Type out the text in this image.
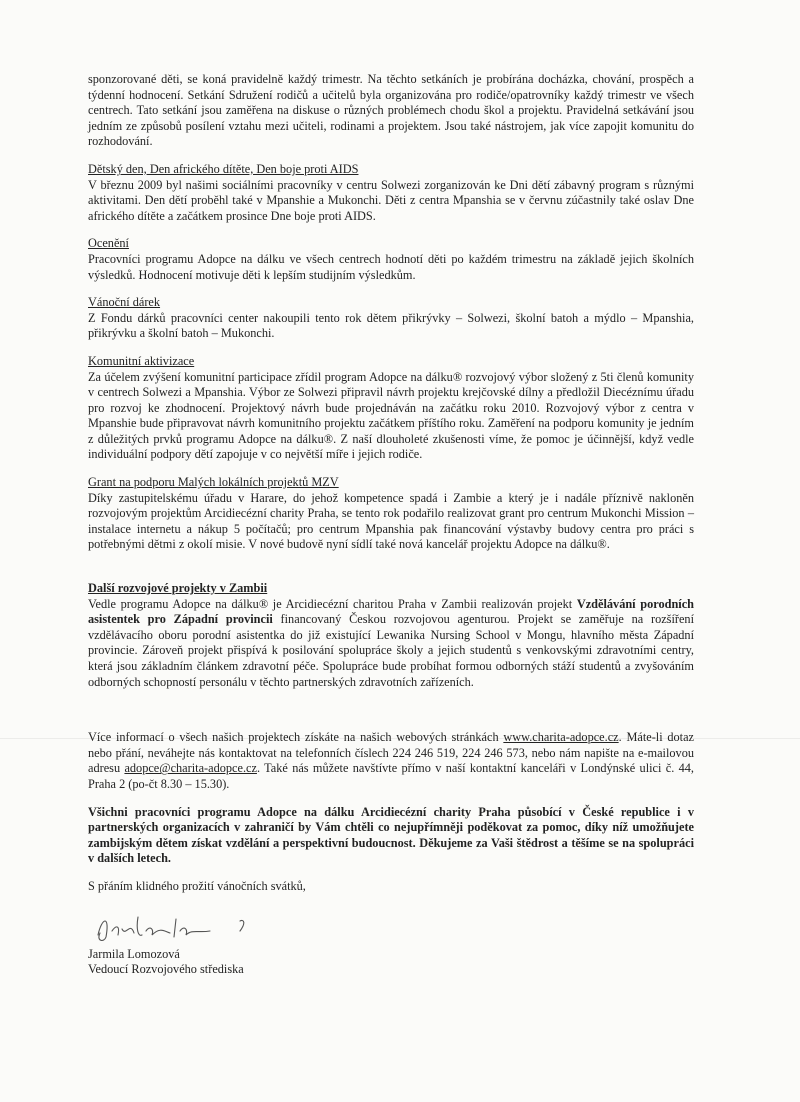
sponzorované děti, se koná pravidelně každý trimestr. Na těchto setkáních je probírána docházka, chování, prospěch a týdenní hodnocení. Setkání Sdružení rodičů a učitelů byla organizována pro rodiče/opatrovníky každý trimestr ve všech centrech. Tato setkání jsou zaměřena na diskuse o různých problémech chodu škol a projektu. Pravidelná setkávání jsou jedním ze způsobů posílení vztahu mezi učiteli, rodinami a projektem. Jsou také nástrojem, jak více zapojit komunitu do rozhodování.

Dětský den, Den afrického dítěte, Den boje proti AIDS

V březnu 2009 byl našimi sociálními pracovníky v centru Solwezi zorganizován ke Dni dětí zábavný program s různými aktivitami. Den dětí proběhl také v Mpanshie a Mukonchi. Děti z centra Mpanshia se v červnu zúčastnily také oslav Dne afrického dítěte a začátkem prosince Dne boje proti AIDS.

Ocenění

Pracovníci programu Adopce na dálku ve všech centrech hodnotí děti po každém trimestru na základě jejich školních výsledků. Hodnocení motivuje děti k lepším studijním výsledkům.

Vánoční dárek

Z Fondu dárků pracovníci center nakoupili tento rok dětem přikrývky – Solwezi, školní batoh a mýdlo – Mpanshia, přikrývku a školní batoh – Mukonchi.

Komunitní aktivizace

Za účelem zvýšení komunitní participace zřídil program Adopce na dálku® rozvojový výbor složený z 5ti členů komunity v centrech Solwezi a Mpanshia. Výbor ze Solwezi připravil návrh projektu krejčovské dílny a předložil Diecéznímu úřadu pro rozvoj ke zhodnocení. Projektový návrh bude projednáván na začátku roku 2010. Rozvojový výbor z centra v Mpanshie bude připravovat návrh komunitního projektu začátkem příštího roku. Zaměření na podporu komunity je jedním z důležitých prvků programu Adopce na dálku®. Z naší dlouholeté zkušenosti víme, že pomoc je účinnější, když vedle individuální podpory dětí zapojuje v co největší míře i jejich rodiče.

Grant na podporu Malých lokálních projektů MZV

Díky zastupitelskému úřadu v Harare, do jehož kompetence spadá i Zambie a který je i nadále příznivě nakloněn rozvojovým projektům Arcidiecézní charity Praha, se tento rok podařilo realizovat grant pro centrum Mukonchi Mission – instalace internetu a nákup 5 počítačů; pro centrum Mpanshia pak financování výstavby budovy centra pro práci s potřebnými dětmi z okolí misie. V nové budově nyní sídlí také nová kancelář projektu Adopce na dálku®.

Další rozvojové projekty v Zambii

Vedle programu Adopce na dálku® je Arcidiecézní charitou Praha v Zambii realizován projekt Vzdělávání porodních asistentek pro Západní provincii financovaný Českou rozvojovou agenturou. Projekt se zaměřuje na rozšíření vzdělávacího oboru porodní asistentka do již existující Lewanika Nursing School v Mongu, hlavního města Západní provincie. Zároveň projekt přispívá k posilování spolupráce školy a jejich studentů s venkovskými zdravotními centry, která jsou základním článkem zdravotní péče. Spolupráce bude probíhat formou odborných stáží studentů a zvyšováním odborných schopností personálu v těchto partnerských zdravotních zařízeních.

Více informací o všech našich projektech získáte na našich webových stránkách www.charita-adopce.cz. Máte-li dotaz nebo přání, neváhejte nás kontaktovat na telefonních číslech 224 246 519, 224 246 573, nebo nám napište na e-mailovou adresu adopce@charita-adopce.cz. Také nás můžete navštívte přímo v naší kontaktní kanceláři v Londýnské ulici č. 44, Praha 2 (po-čt 8.30 – 15.30).

Všichni pracovníci programu Adopce na dálku Arcidiecézní charity Praha působící v České republice i v partnerských organizacích v zahraničí by Vám chtěli co nejupřímněji poděkovat za pomoc, díky níž umožňujete zambijským dětem získat vzdělání a perspektivní budoucnost. Děkujeme za Vaši štědrost a těšíme se na spolupráci v dalších letech.

S přáním klidného prožití vánočních svátků,

Jarmila Lomozová

Vedoucí Rozvojového střediska
